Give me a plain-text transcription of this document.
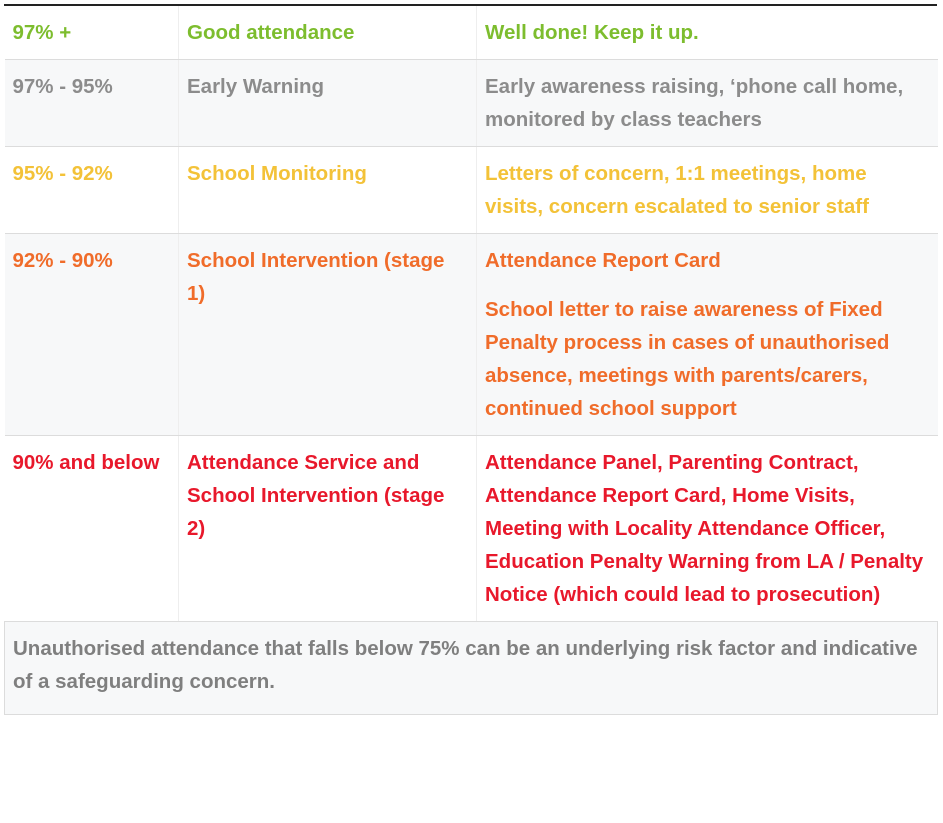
97% +	Good attendance	Well done! Keep it up.

97% - 95%	Early Warning	Early awareness raising, ‘phone call home, monitored by class teachers

95% - 92%	School Monitoring	Letters of concern, 1:1 meetings, home visits, concern escalated to senior staff

92% - 90%	School Intervention (stage 1)	Attendance Report Card

School letter to raise awareness of Fixed Penalty process in cases of unauthorised absence, meetings with parents/carers, continued school support

90% and below	Attendance Service and School Intervention (stage 2)	Attendance Panel, Parenting Contract, Attendance Report Card, Home Visits, Meeting with Locality Attendance Officer, Education Penalty Warning from LA / Penalty Notice (which could lead to prosecution)

Unauthorised attendance that falls below 75% can be an underlying risk factor and indicative of a safeguarding concern.		
